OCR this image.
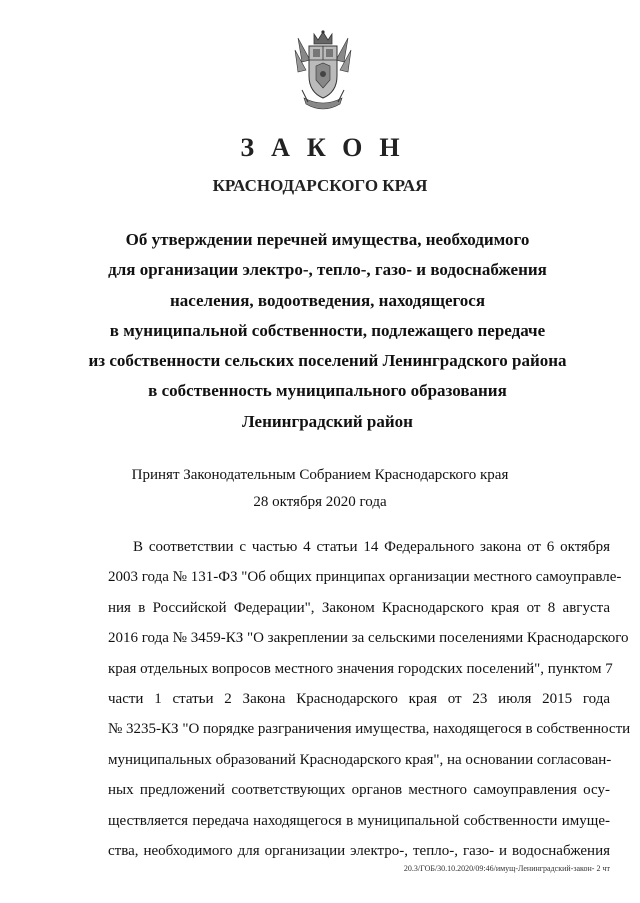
ЗАКОН
КРАСНОДАРСКОГО КРАЯ
Об утверждении перечней имущества, необходимого
для организации электро-, тепло-, газо- и водоснабжения
населения, водоотведения, находящегося
в муниципальной собственности, подлежащего передаче
из собственности сельских поселений Ленинградского района
в собственность муниципального образования
Ленинградский район
Принят Законодательным Собранием Краснодарского края
28 октября 2020 года
В соответствии с частью 4 статьи 14 Федерального закона от 6 октября
2003 года № 131-ФЗ "Об общих принципах организации местного самоуправле-
ния в Российской Федерации", Законом Краснодарского края от 8 августа
2016 года № 3459-КЗ "О закреплении за сельскими поселениями Краснодарского
края отдельных вопросов местного значения городских поселений", пунктом 7
части 1 статьи 2 Закона Краснодарского края от 23 июля 2015 года
№ 3235-КЗ "О порядке разграничения имущества, находящегося в собственности
муниципальных образований Краснодарского края", на основании согласован-
ных предложений соответствующих органов местного самоуправления осу-
ществляется передача находящегося в муниципальной собственности имуще-
ства, необходимого для организации электро-, тепло-, газо- и водоснабжения
20.3/ГОБ/30.10.2020/09:46/имущ-Ленинградский-закон- 2 чт
